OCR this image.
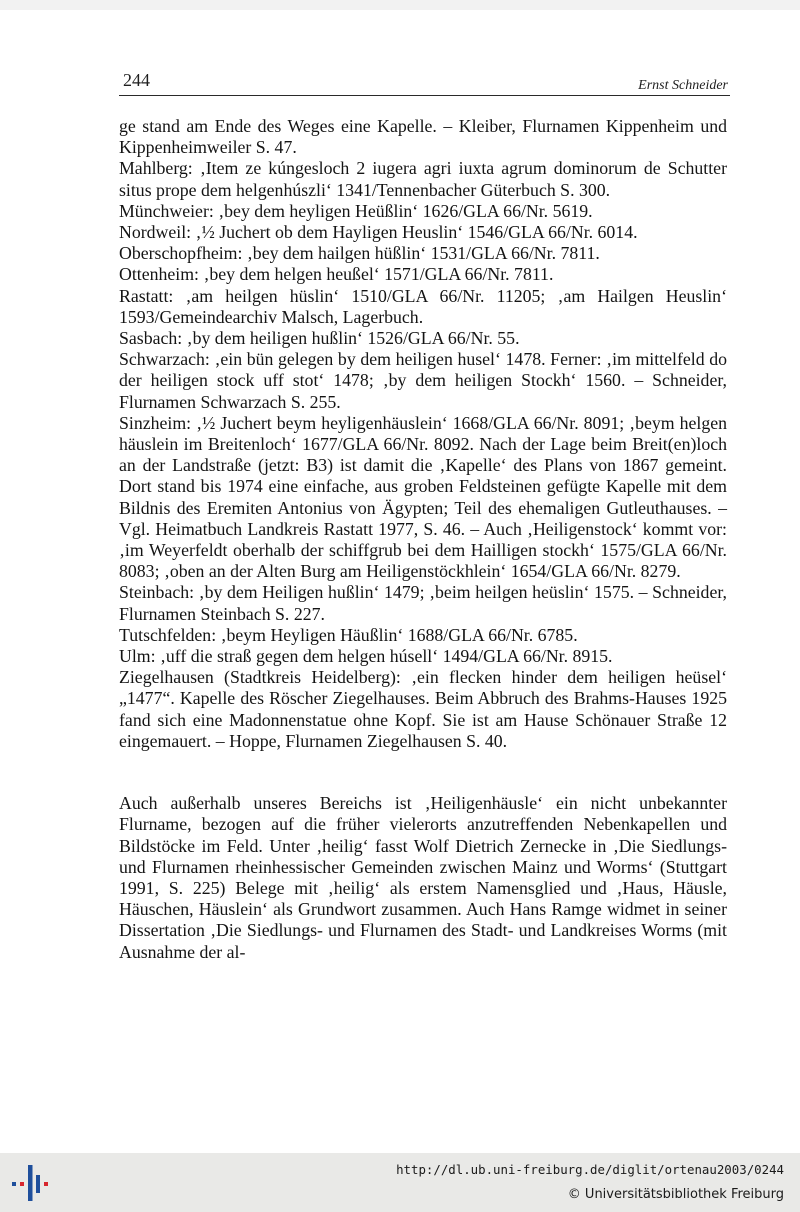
244	Ernst Schneider

ge stand am Ende des Weges eine Kapelle. – Kleiber, Flurnamen Kippenheim und Kippenheimweiler S. 47.

Mahlberg: ‚Item ze kúngesloch 2 iugera agri iuxta agrum dominorum de Schutter situs prope dem helgenhúszli‘ 1341/Tennenbacher Güterbuch S. 300.

Münchweier: ‚bey dem heyligen Heüßlin‘ 1626/GLA 66/Nr. 5619.

Nordweil: ‚½ Juchert ob dem Hayligen Heuslin‘ 1546/GLA 66/Nr. 6014.

Oberschopfheim: ‚bey dem hailgen hüßlin‘ 1531/GLA 66/Nr. 7811.

Ottenheim: ‚bey dem helgen heußel‘ 1571/GLA 66/Nr. 7811.

Rastatt: ‚am heilgen hüslin‘ 1510/GLA 66/Nr. 11205; ‚am Hailgen Heuslin‘ 1593/Gemeindearchiv Malsch, Lagerbuch.

Sasbach: ‚by dem heiligen hußlin‘ 1526/GLA 66/Nr. 55.

Schwarzach: ‚ein bün gelegen by dem heiligen husel‘ 1478. Ferner: ‚im mittelfeld do der heiligen stock uff stot‘ 1478; ‚by dem heiligen Stockh‘ 1560. – Schneider, Flurnamen Schwarzach S. 255.

Sinzheim: ‚½ Juchert beym heyligenhäuslein‘ 1668/GLA 66/Nr. 8091; ‚beym helgen häuslein im Breitenloch‘ 1677/GLA 66/Nr. 8092. Nach der Lage beim Breit(en)loch an der Landstraße (jetzt: B3) ist damit die ‚Kapelle‘ des Plans von 1867 gemeint. Dort stand bis 1974 eine einfache, aus groben Feldsteinen gefügte Kapelle mit dem Bildnis des Eremiten Antonius von Ägypten; Teil des ehemaligen Gutleuthauses. – Vgl. Heimatbuch Landkreis Rastatt 1977, S. 46. – Auch ‚Heiligenstock‘ kommt vor: ‚im Weyerfeldt oberhalb der schiffgrub bei dem Hailligen stockh‘ 1575/GLA 66/Nr. 8083; ‚oben an der Alten Burg am Heiligenstöckhlein‘ 1654/GLA 66/Nr. 8279.

Steinbach: ‚by dem Heiligen hußlin‘ 1479; ‚beim heilgen heüslin‘ 1575. – Schneider, Flurnamen Steinbach S. 227.

Tutschfelden: ‚beym Heyligen Häußlin‘ 1688/GLA 66/Nr. 6785.

Ulm: ‚uff die straß gegen dem helgen húsell‘ 1494/GLA 66/Nr. 8915.

Ziegelhausen (Stadtkreis Heidelberg): ‚ein flecken hinder dem heiligen heüsel‘ „1477“. Kapelle des Röscher Ziegelhauses. Beim Abbruch des Brahms-Hauses 1925 fand sich eine Madonnenstatue ohne Kopf. Sie ist am Hause Schönauer Straße 12 eingemauert. – Hoppe, Flurnamen Ziegelhausen S. 40.

Auch außerhalb unseres Bereichs ist ‚Heiligenhäusle‘ ein nicht unbekannter Flurname, bezogen auf die früher vielerorts anzutreffenden Nebenkapellen und Bildstöcke im Feld. Unter ‚heilig‘ fasst Wolf Dietrich Zernecke in ‚Die Siedlungs- und Flurnamen rheinhessischer Gemeinden zwischen Mainz und Worms‘ (Stuttgart 1991, S. 225) Belege mit ‚heilig‘ als erstem Namensglied und ‚Haus, Häusle, Häuschen, Häuslein‘ als Grundwort zusammen. Auch Hans Ramge widmet in seiner Dissertation ‚Die Siedlungs- und Flurnamen des Stadt- und Landkreises Worms (mit Ausnahme der al-

http://dl.ub.uni-freiburg.de/diglit/ortenau2003/0244
© Universitätsbibliothek Freiburg
